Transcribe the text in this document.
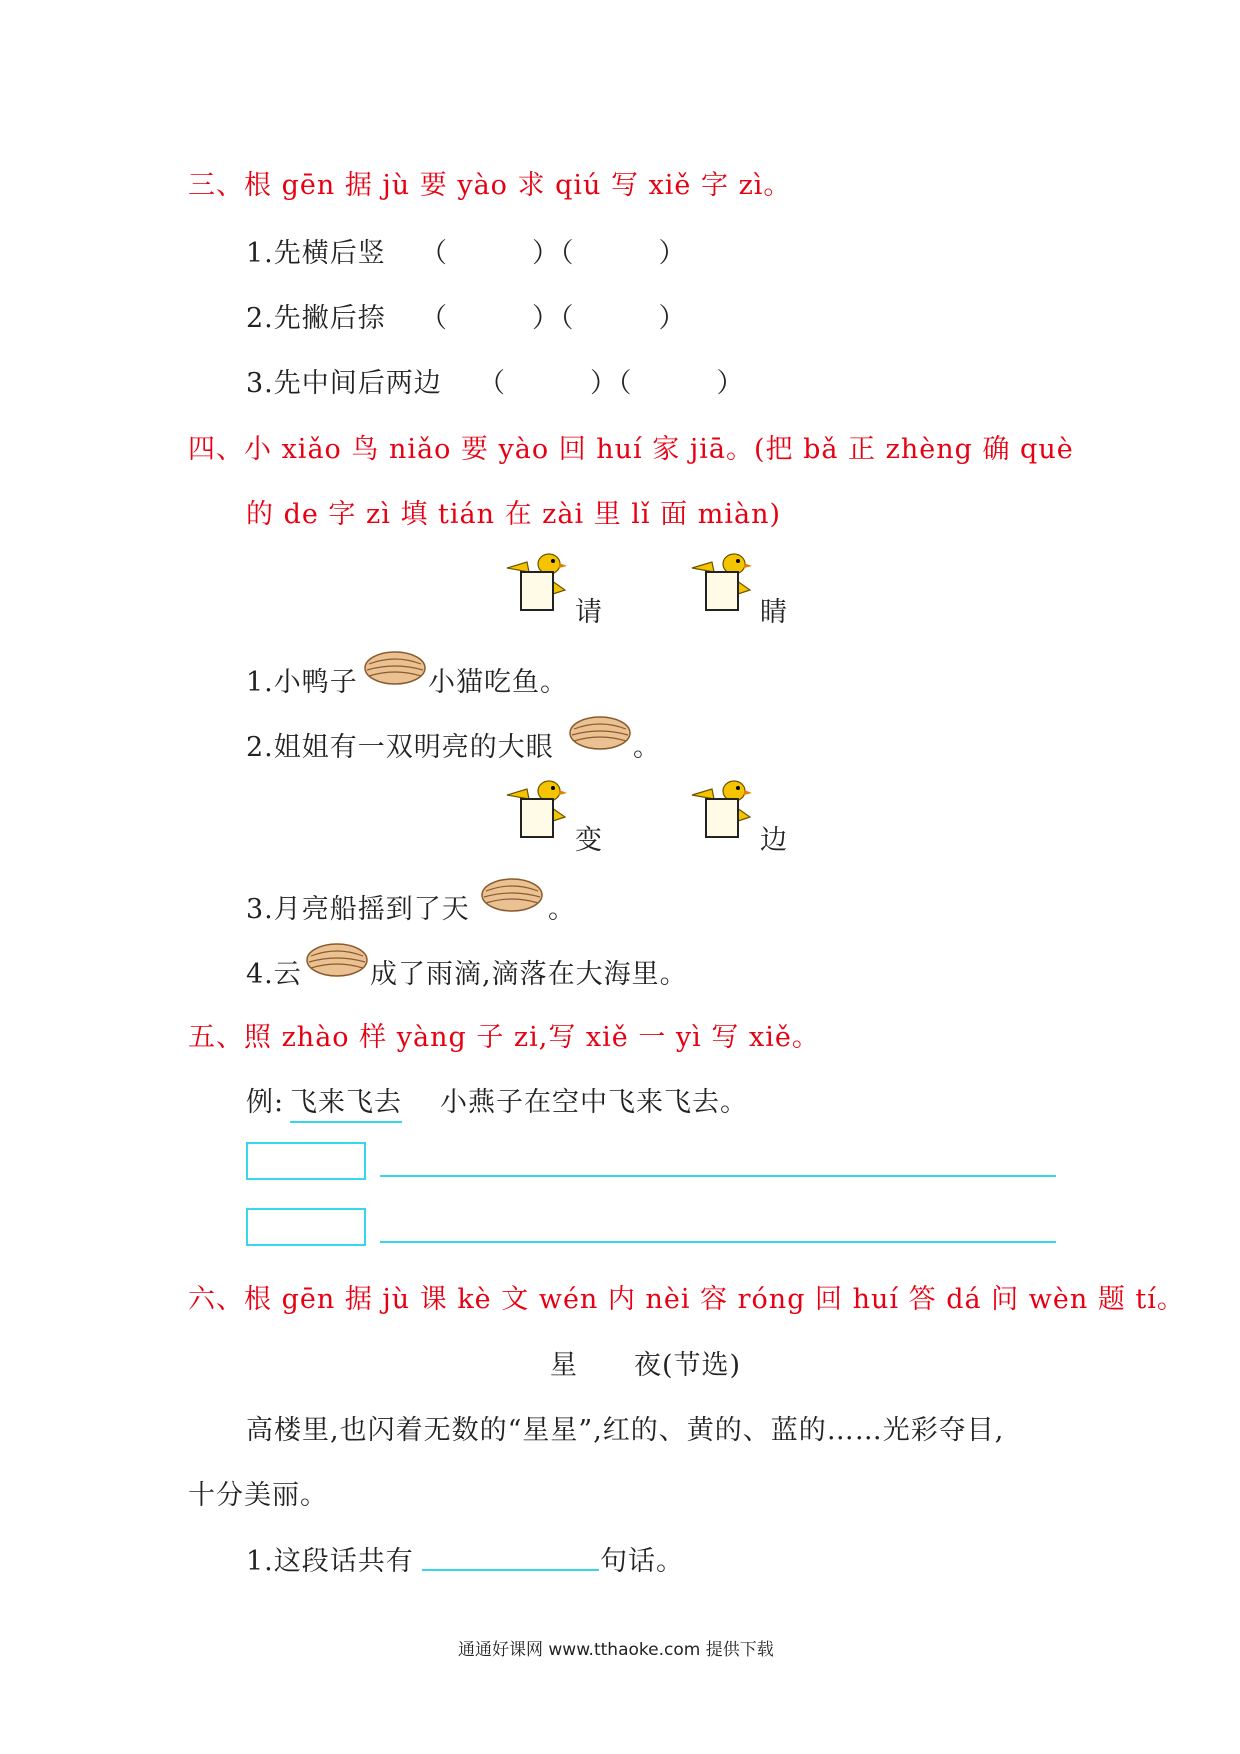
三、根 gēn 据 jù 要 yào 求 qiú 写 xiě 字 zì。
1.先横后竖 （　　　）（　　　）
2.先撇后捺 （　　　）（　　　）
3.先中间后两边 （　　　）（　　　）
四、小 xiǎo 鸟 niǎo 要 yào 回 huí 家 jiā。(把 bǎ 正 zhèng 确 què
的 de 字 zì 填 tián 在 zài 里 lǐ 面 miàn)
请	睛
1.小鸭子	小猫吃鱼。
2.姐姐有一双明亮的大眼	。
变	边
3.月亮船摇到了天	。
4.云	成了雨滴,滴落在大海里。
五、照 zhào 样 yàng 子 zi,写 xiě 一 yì 写 xiě。
例: 飞来飞去 小燕子在空中飞来飞去。
六、根 gēn 据 jù 课 kè 文 wén 内 nèi 容 róng 回 huí 答 dá 问 wèn 题 tí。
星　　夜(节选)
高楼里,也闪着无数的“星星”,红的、黄的、蓝的……光彩夺目,
十分美丽。
1.这段话共有	句话。
通通好课网 www.tthaoke.com 提供下载
